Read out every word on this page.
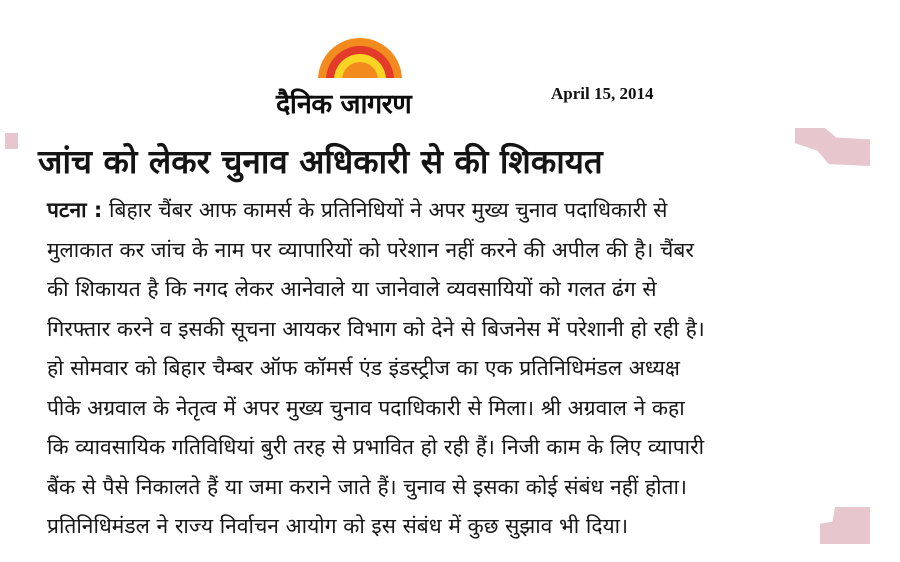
दैनिक जागरण	April 15, 2014
जांच को लेकर चुनाव अधिकारी से की शिकायत
पटना : बिहार चैंबर आफ कामर्स के प्रतिनिधियों ने अपर मुख्य चुनाव पदाधिकारी से
मुलाकात कर जांच के नाम पर व्यापारियों को परेशान नहीं करने की अपील की है। चैंबर
की शिकायत है कि नगद लेकर आनेवाले या जानेवाले व्यवसायियों को गलत ढंग से
गिरफ्तार करने व इसकी सूचना आयकर विभाग को देने से बिजनेस में परेशानी हो रही है।
हो सोमवार को बिहार चैम्बर ऑफ कॉमर्स एंड इंडस्ट्रीज का एक प्रतिनिधिमंडल अध्यक्ष
पीके अग्रवाल के नेतृत्व में अपर मुख्य चुनाव पदाधिकारी से मिला। श्री अग्रवाल ने कहा
कि व्यावसायिक गतिविधियां बुरी तरह से प्रभावित हो रही हैं। निजी काम के लिए व्यापारी
बैंक से पैसे निकालते हैं या जमा कराने जाते हैं। चुनाव से इसका कोई संबंध नहीं होता।
प्रतिनिधिमंडल ने राज्य निर्वाचन आयोग को इस संबंध में कुछ सुझाव भी दिया।
